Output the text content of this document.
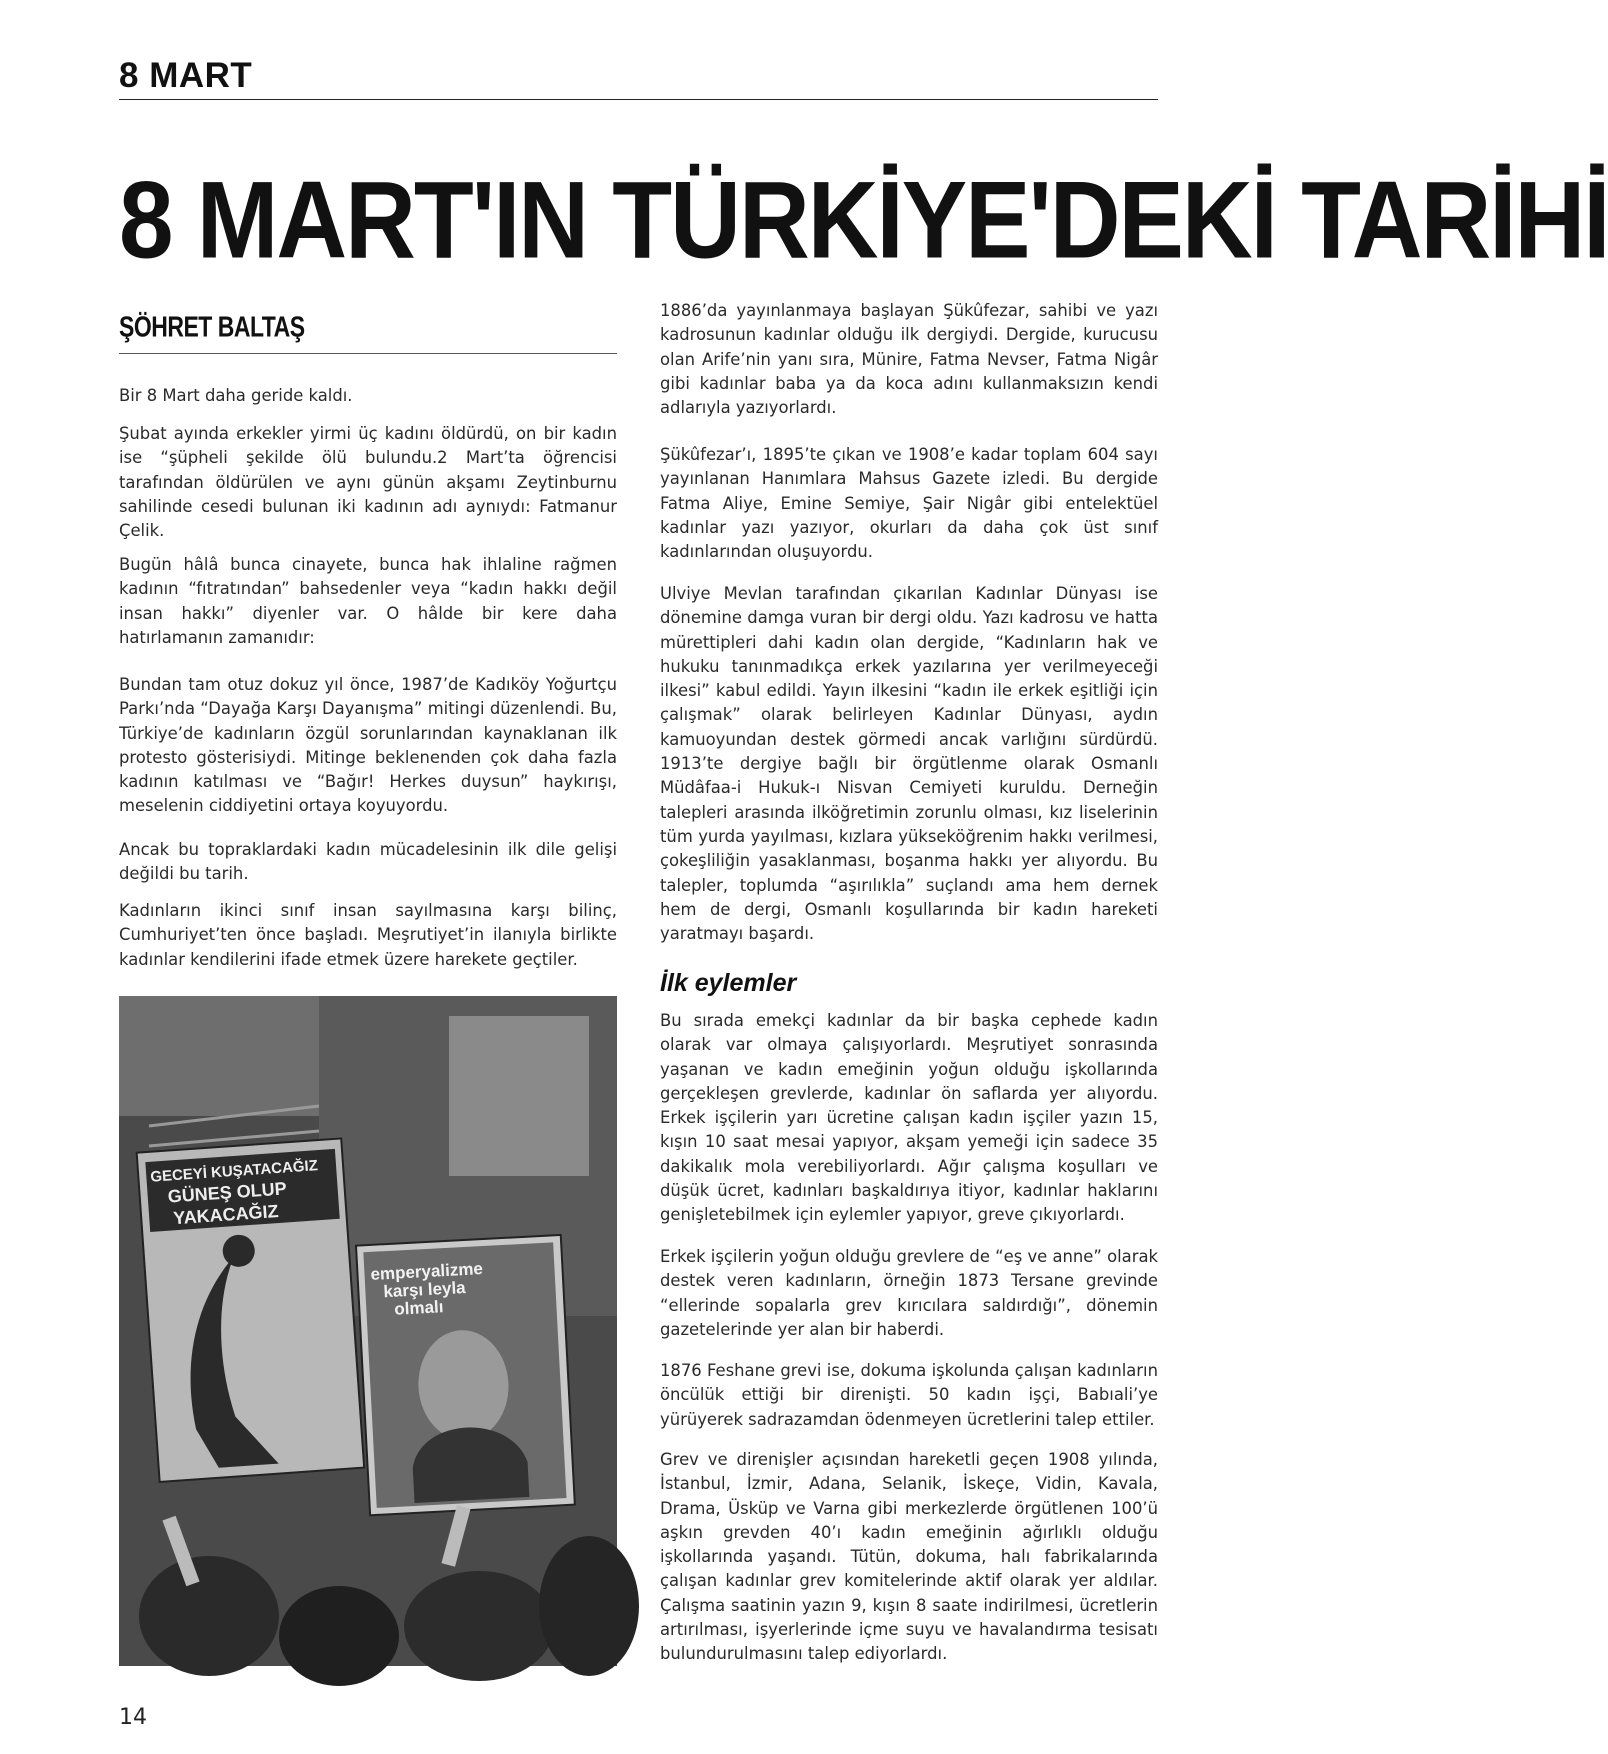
8 MART
8 MART'IN TÜRKİYE'DEKİ TARİHİ
ŞÖHRET BALTAŞ

Bir 8 Mart daha geride kaldı.

Şubat ayında erkekler yirmi üç kadını öldürdü, on bir kadın ise “şüpheli şekilde ölü bulundu.2 Mart’ta öğrencisi tarafından öldürülen ve aynı günün akşamı Zeytinburnu sahilinde cesedi bulunan iki kadının adı aynıydı: Fatmanur Çelik.

Bugün hâlâ bunca cinayete, bunca hak ihlaline rağmen kadının “fıtratından” bahsedenler veya “kadın hakkı değil insan hakkı” diyenler var. O hâlde bir kere daha hatırlamanın zamanıdır:

Bundan tam otuz dokuz yıl önce, 1987’de Kadıköy Yoğurtçu Parkı’nda “Dayağa Karşı Dayanışma” mitingi düzenlendi. Bu, Türkiye’de kadınların özgül sorunlarından kaynaklanan ilk protesto gösterisiydi. Mitinge beklenenden çok daha fazla kadının katılması ve “Bağır! Herkes duysun” haykırışı, meselenin ciddiyetini ortaya koyuyordu.

Ancak bu topraklardaki kadın mücadelesinin ilk dile gelişi değildi bu tarih.

Kadınların ikinci sınıf insan sayılmasına karşı bilinç, Cumhuriyet’ten önce başladı. Meşrutiyet’in ilanıyla birlikte kadınlar kendilerini ifade etmek üzere harekete geçtiler.

GECEYİ KUŞATACAĞIZ
GÜNEŞ OLUP
YAKACAĞIZ
emperyalizme
karşı leyla
olmalı

1886’da yayınlanmaya başlayan Şükûfezar, sahibi ve yazı kadrosunun kadınlar olduğu ilk dergiydi. Dergide, kurucusu olan Arife’nin yanı sıra, Münire, Fatma Nevser, Fatma Nigâr gibi kadınlar baba ya da koca adını kullanmaksızın kendi adlarıyla yazıyorlardı.

Şükûfezar’ı, 1895’te çıkan ve 1908’e kadar toplam 604 sayı yayınlanan Hanımlara Mahsus Gazete izledi. Bu dergide Fatma Aliye, Emine Semiye, Şair Nigâr gibi entelektüel kadınlar yazı yazıyor, okurları da daha çok üst sınıf kadınlarından oluşuyordu.

Ulviye Mevlan tarafından çıkarılan Kadınlar Dünyası ise dönemine damga vuran bir dergi oldu. Yazı kadrosu ve hatta mürettipleri dahi kadın olan dergide, “Kadınların hak ve hukuku tanınmadıkça erkek yazılarına yer verilmeyeceği ilkesi” kabul edildi. Yayın ilkesini “kadın ile erkek eşitliği için çalışmak” olarak belirleyen Kadınlar Dünyası, aydın kamuoyundan destek görmedi ancak varlığını sürdürdü. 1913’te dergiye bağlı bir örgütlenme olarak Osmanlı Müdâfaa-i Hukuk-ı Nisvan Cemiyeti kuruldu. Derneğin talepleri arasında ilköğretimin zorunlu olması, kız liselerinin tüm yurda yayılması, kızlara yükseköğrenim hakkı verilmesi, çokeşliliğin yasaklanması, boşanma hakkı yer alıyordu. Bu talepler, toplumda “aşırılıkla” suçlandı ama hem dernek hem de dergi, Osmanlı koşullarında bir kadın hareketi yaratmayı başardı.

İlk eylemler

Bu sırada emekçi kadınlar da bir başka cephede kadın olarak var olmaya çalışıyorlardı. Meşrutiyet sonrasında yaşanan ve kadın emeğinin yoğun olduğu işkollarında gerçekleşen grevlerde, kadınlar ön saflarda yer alıyordu. Erkek işçilerin yarı ücretine çalışan kadın işçiler yazın 15, kışın 10 saat mesai yapıyor, akşam yemeği için sadece 35 dakikalık mola verebiliyorlardı. Ağır çalışma koşulları ve düşük ücret, kadınları başkaldırıya itiyor, kadınlar haklarını genişletebilmek için eylemler yapıyor, greve çıkıyorlardı.

Erkek işçilerin yoğun olduğu grevlere de “eş ve anne” olarak destek veren kadınların, örneğin 1873 Tersane grevinde “ellerinde sopalarla grev kırıcılara saldırdığı”, dönemin gazetelerinde yer alan bir haberdi.

1876 Feshane grevi ise, dokuma işkolunda çalışan kadınların öncülük ettiği bir direnişti. 50 kadın işçi, Babıali’ye yürüyerek sadrazamdan ödenmeyen ücretlerini talep ettiler.

Grev ve direnişler açısından hareketli geçen 1908 yılında, İstanbul, İzmir, Adana, Selanik, İskeçe, Vidin, Kavala, Drama, Üsküp ve Varna gibi merkezlerde örgütlenen 100’ü aşkın grevden 40’ı kadın emeğinin ağırlıklı olduğu işkollarında yaşandı. Tütün, dokuma, halı fabrikalarında çalışan kadınlar grev komitelerinde aktif olarak yer aldılar. Çalışma saatinin yazın 9, kışın 8 saate indirilmesi, ücretlerin artırılması, işyerlerinde içme suyu ve havalandırma tesisatı bulundurulmasını talep ediyorlardı.

14
